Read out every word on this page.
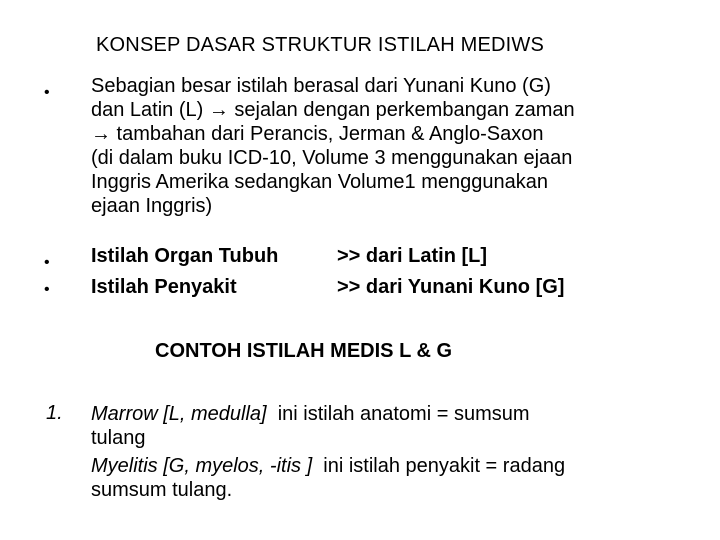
KONSEP DASAR STRUKTUR ISTILAH MEDIWS
• Sebagian besar istilah berasal dari Yunani Kuno (G)
dan Latin (L) → sejalan dengan perkembangan zaman
→ tambahan dari Perancis, Jerman & Anglo-Saxon
(di dalam buku ICD-10, Volume 3 menggunakan ejaan
Inggris Amerika sedangkan Volume1 menggunakan
ejaan Inggris)
• Istilah Organ Tubuh	>> dari Latin [L]
• Istilah Penyakit	>> dari Yunani Kuno [G]
CONTOH ISTILAH MEDIS L & G
1. Marrow [L, medulla]  ini istilah anatomi = sumsum
tulang
Myelitis [G, myelos, -itis ]  ini istilah penyakit = radang
sumsum tulang.
